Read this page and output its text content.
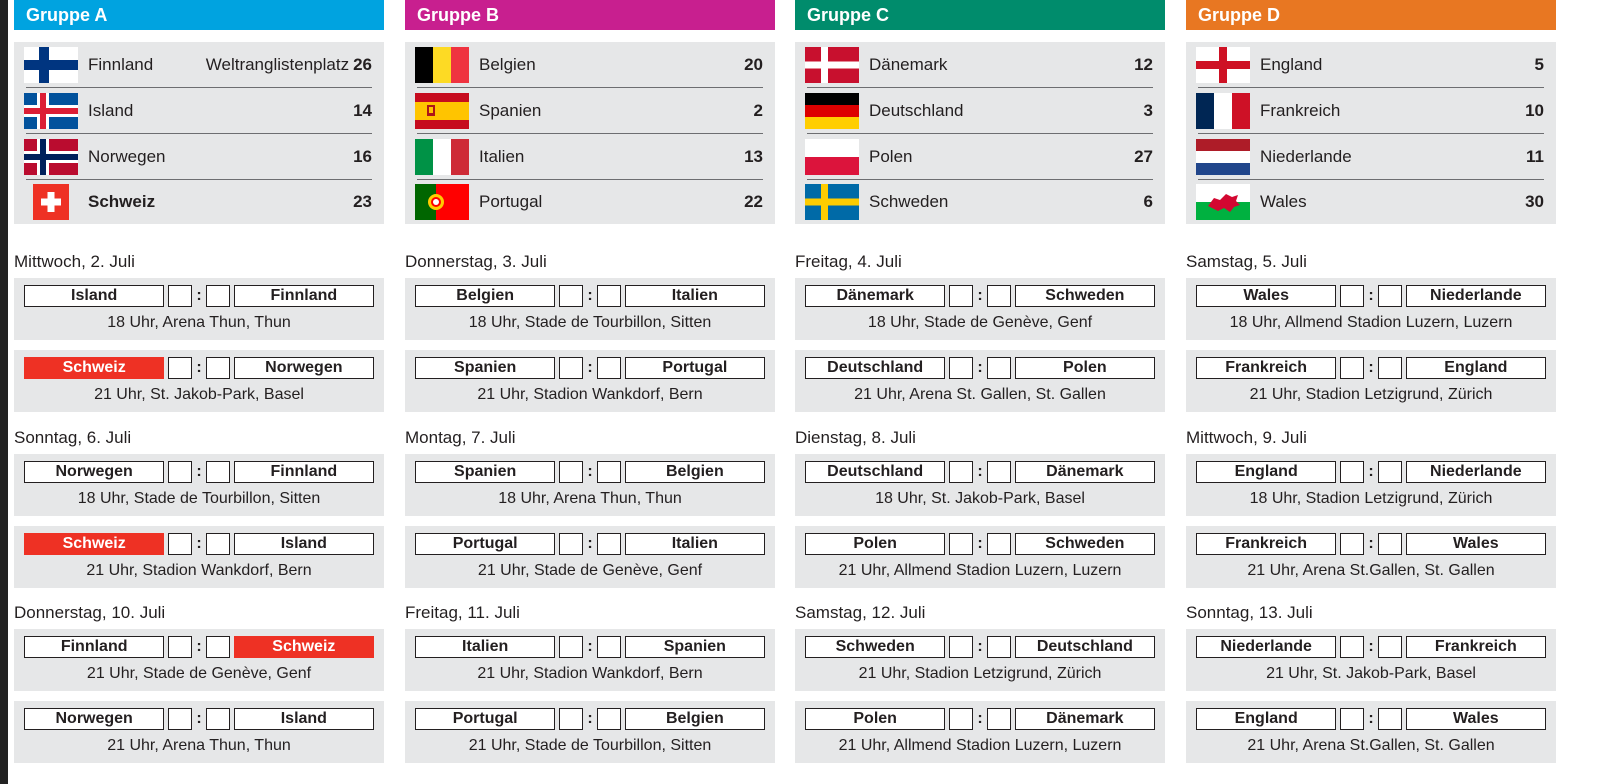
Gruppe A
Finnland	Weltranglistenplatz 26
Island	14
Norwegen	16
Schweiz	23
Mittwoch, 2. Juli
Island	:	Finnland
18 Uhr, Arena Thun, Thun
Schweiz	:	Norwegen
21 Uhr, St. Jakob-Park, Basel
Sonntag, 6. Juli
Norwegen	:	Finnland
18 Uhr, Stade de Tourbillon, Sitten
Schweiz	:	Island
21 Uhr, Stadion Wankdorf, Bern
Donnerstag, 10. Juli
Finnland	:	Schweiz
21 Uhr, Stade de Genève, Genf
Norwegen	:	Island
21 Uhr, Arena Thun, Thun
Gruppe B
Belgien	20
Spanien	2
Italien	13
Portugal	22
Donnerstag, 3. Juli
Belgien	:	Italien
18 Uhr, Stade de Tourbillon, Sitten
Spanien	:	Portugal
21 Uhr, Stadion Wankdorf, Bern
Montag, 7. Juli
Spanien	:	Belgien
18 Uhr, Arena Thun, Thun
Portugal	:	Italien
21 Uhr, Stade de Genève, Genf
Freitag, 11. Juli
Italien	:	Spanien
21 Uhr, Stadion Wankdorf, Bern
Portugal	:	Belgien
21 Uhr, Stade de Tourbillon, Sitten
Gruppe C
Dänemark	12
Deutschland	3
Polen	27
Schweden	6
Freitag, 4. Juli
Dänemark	:	Schweden
18 Uhr, Stade de Genève, Genf
Deutschland	:	Polen
21 Uhr, Arena St. Gallen, St. Gallen
Dienstag, 8. Juli
Deutschland	:	Dänemark
18 Uhr, St. Jakob-Park, Basel
Polen	:	Schweden
21 Uhr, Allmend Stadion Luzern, Luzern
Samstag, 12. Juli
Schweden	:	Deutschland
21 Uhr, Stadion Letzigrund, Zürich
Polen	:	Dänemark
21 Uhr, Allmend Stadion Luzern, Luzern
Gruppe D
England	5
Frankreich	10
Niederlande	11
Wales	30
Samstag, 5. Juli
Wales	:	Niederlande
18 Uhr, Allmend Stadion Luzern, Luzern
Frankreich	:	England
21 Uhr, Stadion Letzigrund, Zürich
Mittwoch, 9. Juli
England	:	Niederlande
18 Uhr, Stadion Letzigrund, Zürich
Frankreich	:	Wales
21 Uhr, Arena St.Gallen, St. Gallen
Sonntag, 13. Juli
Niederlande	:	Frankreich
21 Uhr, St. Jakob-Park, Basel
England	:	Wales
21 Uhr, Arena St.Gallen, St. Gallen
